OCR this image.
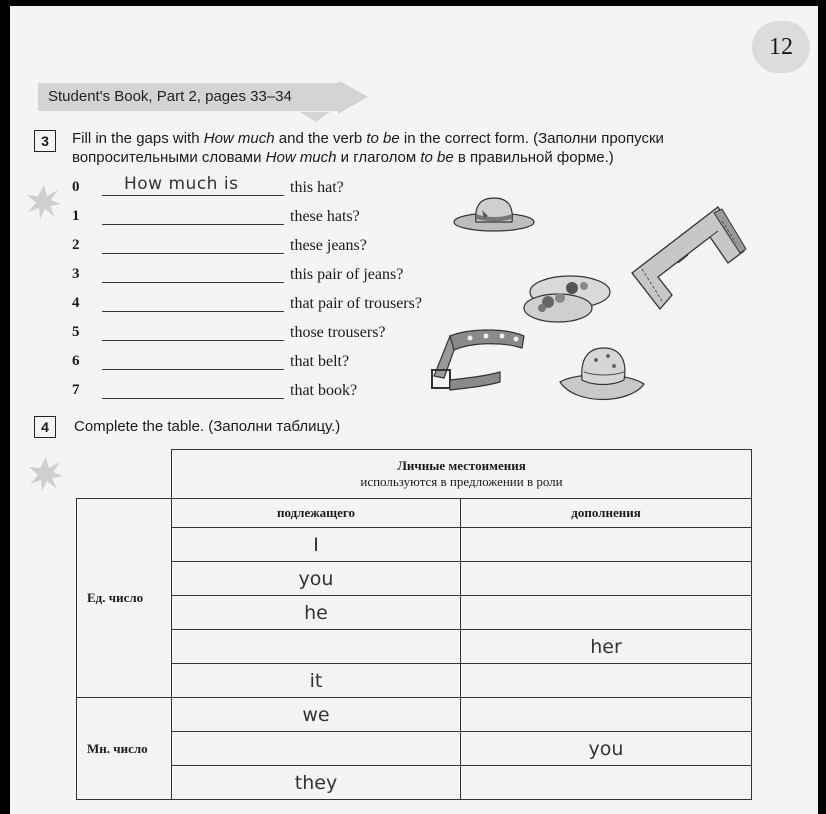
12
Student's Book, Part 2, pages 33–34
3	Fill in the gaps with How much and the verb to be in the correct form. (Заполни пропуски вопросительными словами How much и глаголом to be в правильной форме.)
0	How much is	this hat?
1	these hats?
2	these jeans?
3	this pair of jeans?
4	that pair of trousers?
5	those trousers?
6	that belt?
7	that book?
4	Complete the table. (Заполни таблицу.)

	Личные местоимения
используются в предложении в роли	

Ед. число	подлежащего	дополнения
	I	
	you	
	he	
		her
	it	
Мн. число	we	
		you
	they	
